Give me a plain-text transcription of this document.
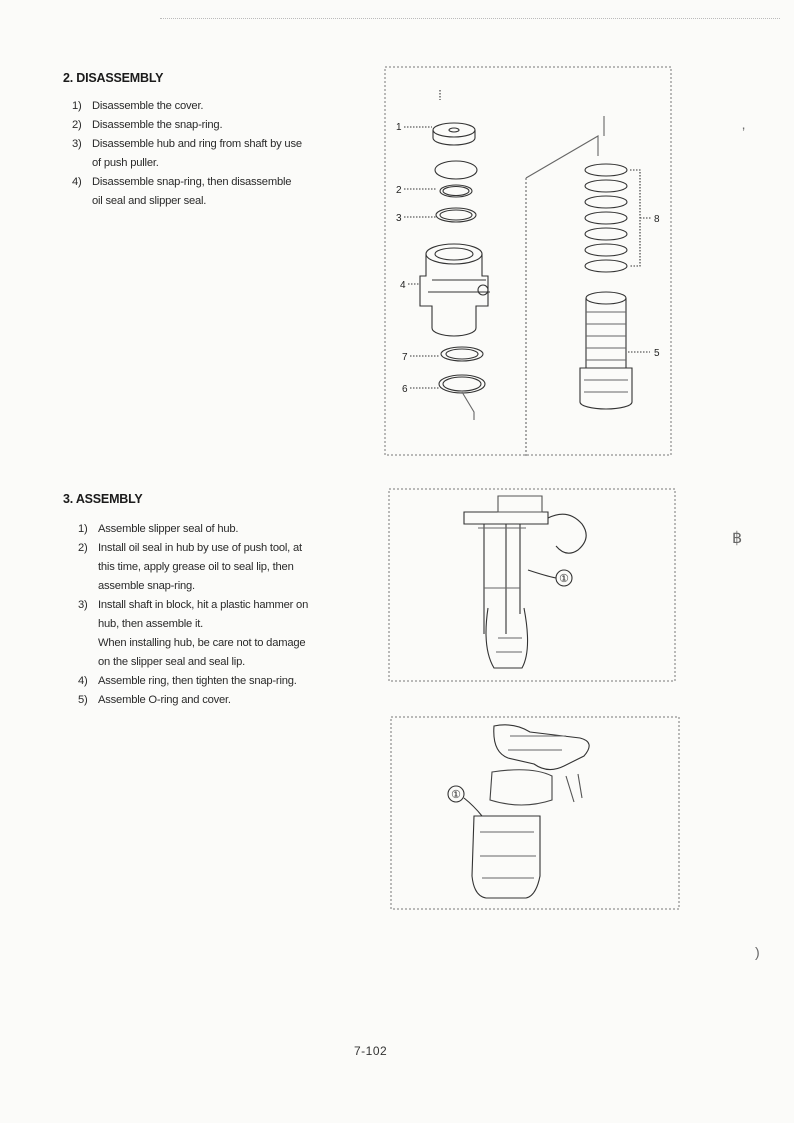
2. DISASSEMBLY
1) Disassemble the cover.
2) Disassemble the snap-ring.
3) Disassemble hub and ring from shaft by use
of push puller.
4) Disassemble snap-ring, then disassemble
oil seal and slipper seal.
1
2
3
4
5
6
7
8
3. ASSEMBLY
1) Assemble slipper seal of hub.
2) Install oil seal in hub by use of push tool, at
this time, apply grease oil to seal lip, then
assemble snap-ring.
3) Install shaft in block, hit a plastic hammer on
hub, then assemble it.
When installing hub, be care not to damage
on the slipper seal and seal lip.
4) Assemble ring, then tighten the snap-ring.
5) Assemble O-ring and cover.
①
①
’
฿
)
7-102
